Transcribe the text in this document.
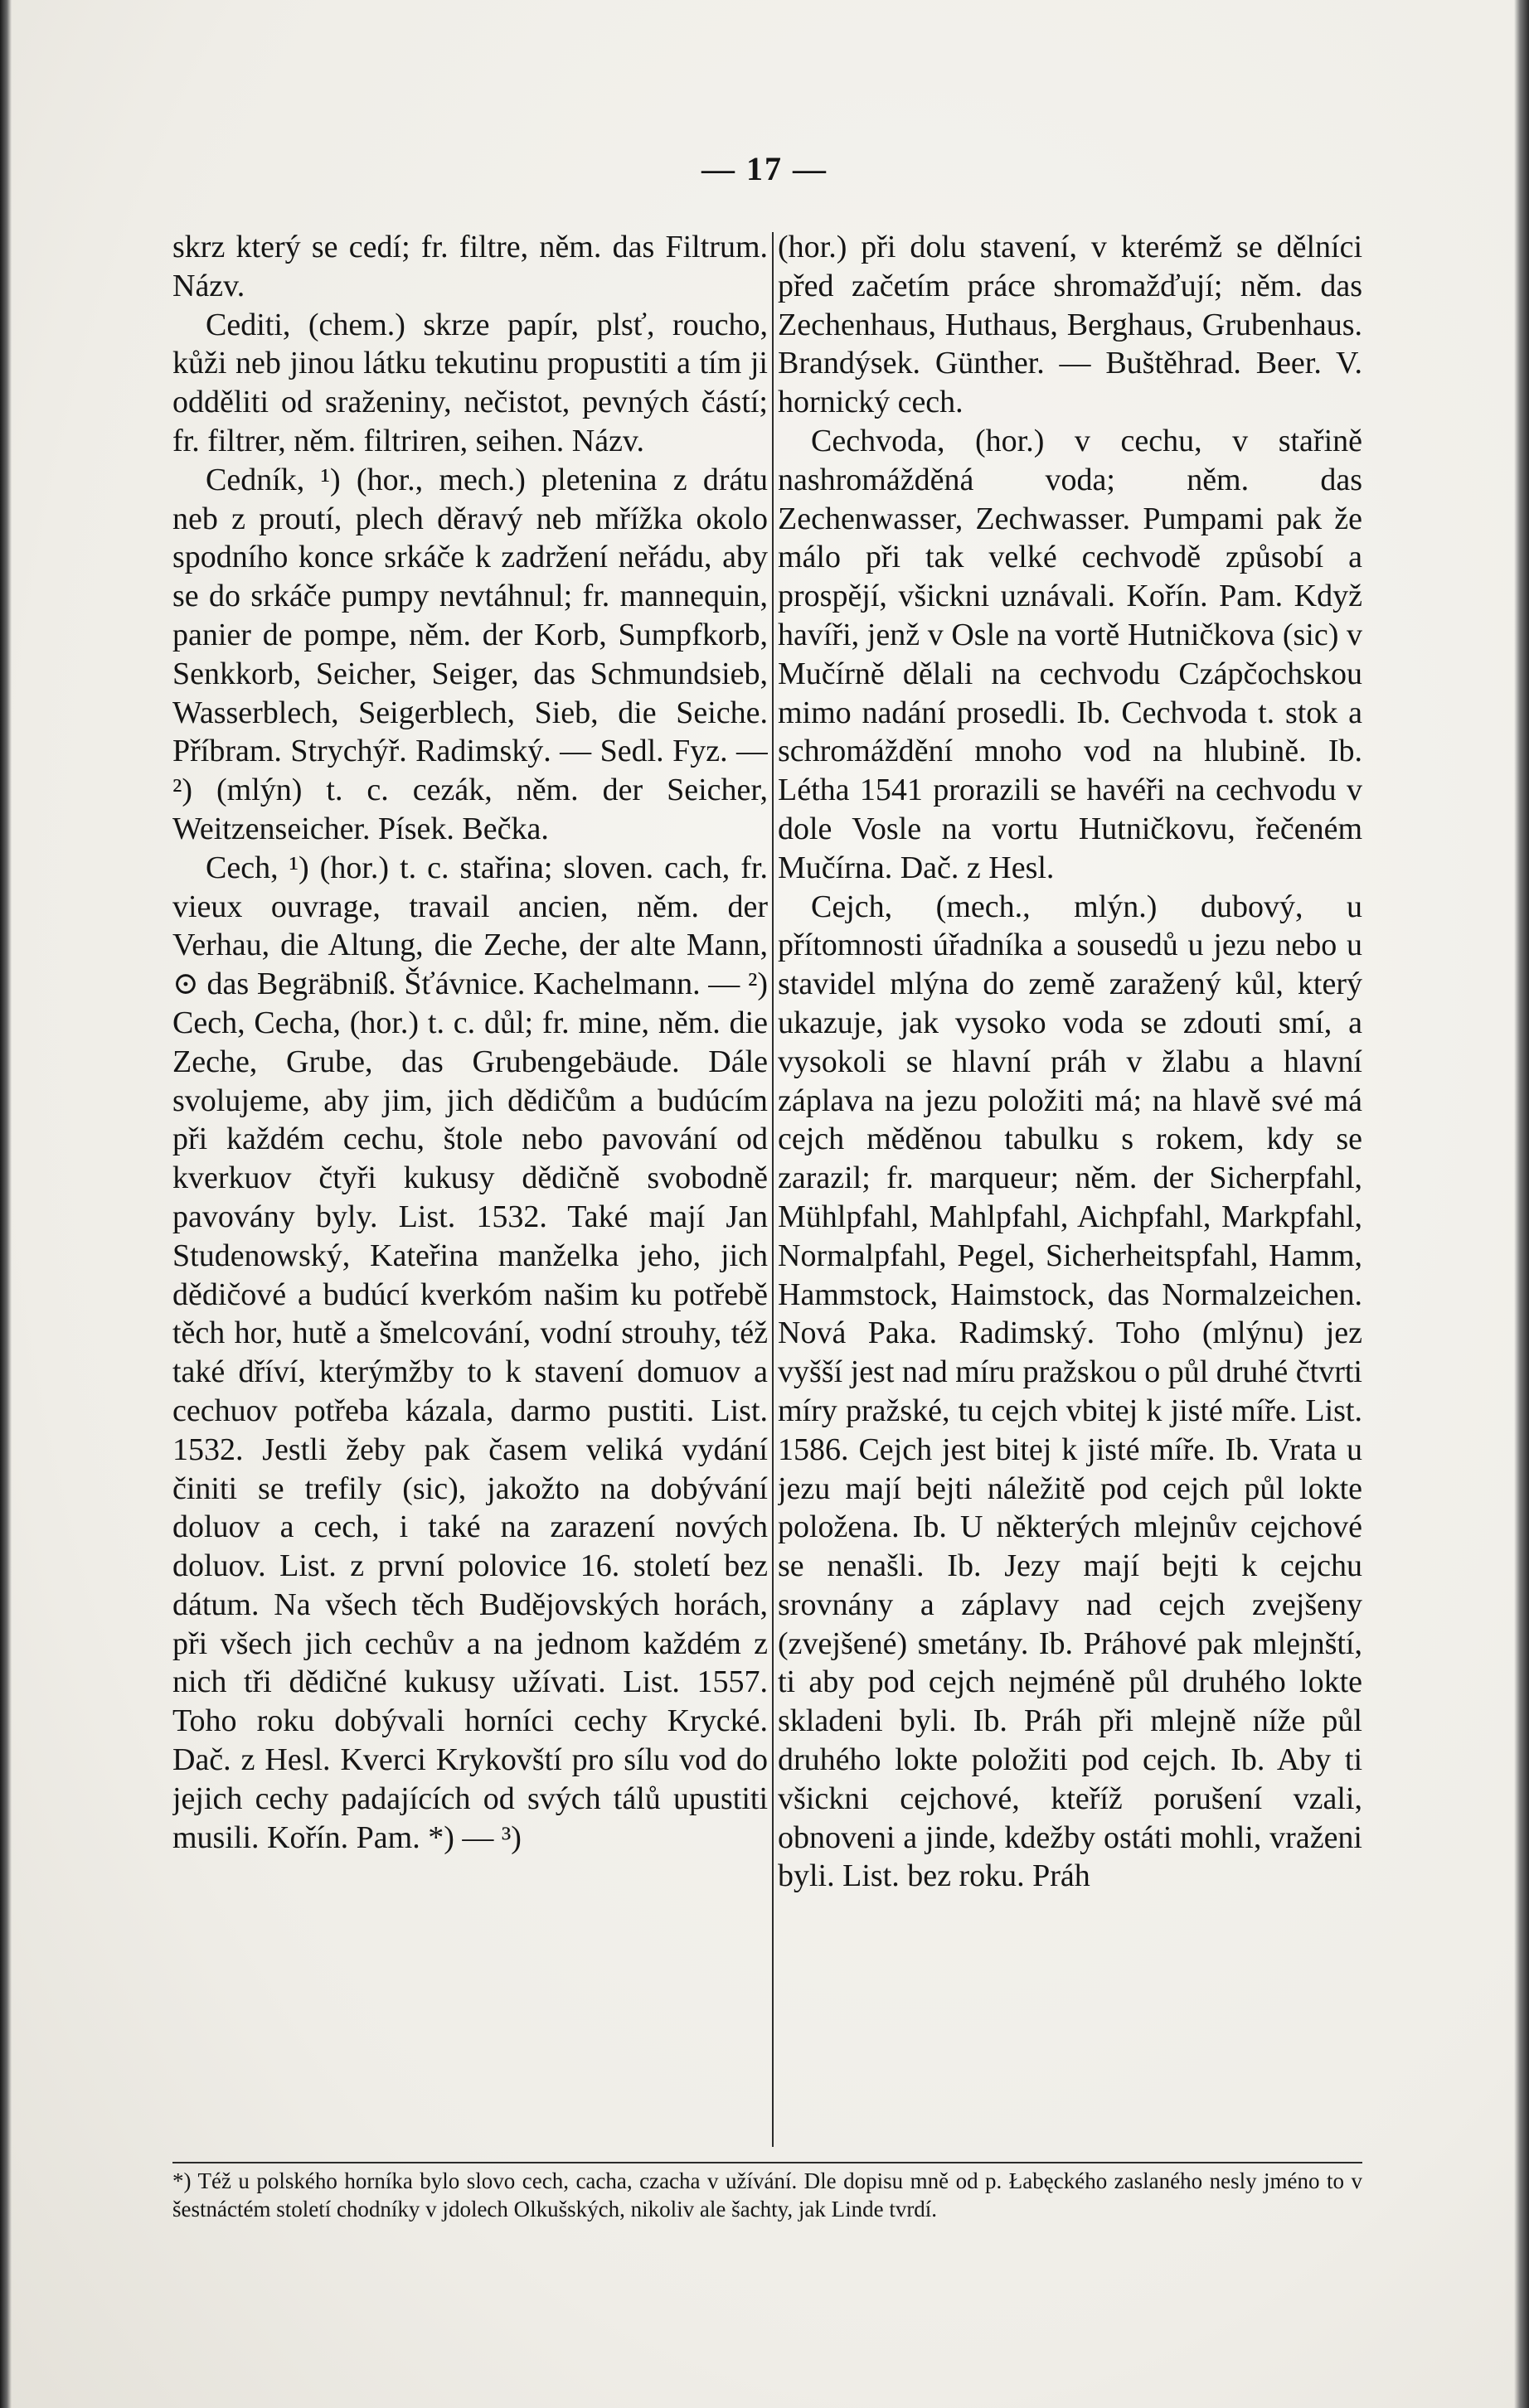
— 17 —

skrz který se cedí; fr. filtre, něm. das Filtrum. Názv.

Cediti, (chem.) skrze papír, plsť, roucho, kůži neb jinou látku tekutinu propustiti a tím ji odděliti od sraženiny, nečistot, pevných částí; fr. filtrer, něm. filtriren, seihen. Názv.

Cedník, ¹) (hor., mech.) pletenina z drátu neb z proutí, plech děravý neb mřížka okolo spodního konce srkáče k zadržení neřádu, aby se do srkáče pumpy nevtáhnul; fr. mannequin, panier de pompe, něm. der Korb, Sumpfkorb, Senkkorb, Seicher, Seiger, das Schmundsieb, Wasserblech, Seigerblech, Sieb, die Seiche. Příbram. Strychýř. Radimský. — Sedl. Fyz. — ²) (mlýn) t. c. cezák, něm. der Seicher, Weitzenseicher. Písek. Bečka.

Cech, ¹) (hor.) t. c. stařina; sloven. cach, fr. vieux ouvrage, travail ancien, něm. der Verhau, die Altung, die Zeche, der alte Mann, ⊙ das Begräbniß. Šťávnice. Kachelmann. — ²) Cech, Cecha, (hor.) t. c. důl; fr. mine, něm. die Zeche, Grube, das Grubengebäude. Dále svolujeme, aby jim, jich dědičům a budúcím při každém cechu, štole nebo pavování od kverkuov čtyři kukusy dědičně svobodně pavovány byly. List. 1532. Také mají Jan Studenowský, Kateřina manželka jeho, jich dědičové a budúcí kverkóm našim ku potřebě těch hor, hutě a šmelcování, vodní strouhy, též také dříví, kterýmžby to k stavení domuov a cechuov potřeba kázala, darmo pustiti. List. 1532. Jestli žeby pak časem veliká vydání činiti se trefily (sic), jakožto na dobývání doluov a cech, i také na zarazení nových doluov. List. z první polovice 16. století bez dátum. Na všech těch Budějovských horách, při všech jich cechův a na jednom každém z nich tři dědičné kukusy užívati. List. 1557. Toho roku dobývali horníci cechy Krycké. Dač. z Hesl. Kverci Krykovští pro sílu vod do jejich cechy padajících od svých tálů upustiti musili. Kořín. Pam. *) — ³)

(hor.) při dolu stavení, v kterémž se dělníci před začetím práce shromažďují; něm. das Zechenhaus, Huthaus, Berghaus, Grubenhaus. Brandýsek. Günther. — Buštěhrad. Beer. V. hornický cech.

Cechvoda, (hor.) v cechu, v stařině nashromážděná voda; něm. das Zechenwasser, Zechwasser. Pumpami pak že málo při tak velké cechvodě způsobí a prospějí, všickni uznávali. Kořín. Pam. Když havíři, jenž v Osle na vortě Hutničkova (sic) v Mučírně dělali na cechvodu Czápčochskou mimo nadání prosedli. Ib. Cechvoda t. stok a schromáždění mnoho vod na hlubině. Ib. Létha 1541 prorazili se havéři na cechvodu v dole Vosle na vortu Hutničkovu, řečeném Mučírna. Dač. z Hesl.

Cejch, (mech., mlýn.) dubový, u přítomnosti úřadníka a sousedů u jezu nebo u stavidel mlýna do země zaražený kůl, který ukazuje, jak vysoko voda se zdouti smí, a vysokoli se hlavní práh v žlabu a hlavní záplava na jezu položiti má; na hlavě své má cejch měděnou tabulku s rokem, kdy se zarazil; fr. marqueur; něm. der Sicherpfahl, Mühlpfahl, Mahlpfahl, Aichpfahl, Markpfahl, Normalpfahl, Pegel, Sicherheitspfahl, Hamm, Hammstock, Haimstock, das Normalzeichen. Nová Paka. Radimský. Toho (mlýnu) jez vyšší jest nad míru pražskou o půl druhé čtvrti míry pražské, tu cejch vbitej k jisté míře. List. 1586. Cejch jest bitej k jisté míře. Ib. Vrata u jezu mají bejti náležitě pod cejch půl lokte položena. Ib. U některých mlejnův cejchové se nenašli. Ib. Jezy mají bejti k cejchu srovnány a záplavy nad cejch zvejšeny (zvejšené) smetány. Ib. Práhové pak mlejnští, ti aby pod cejch nejméně půl druhého lokte skladeni byli. Ib. Práh při mlejně níže půl druhého lokte položiti pod cejch. Ib. Aby ti všickni cejchové, kteříž porušení vzali, obnoveni a jinde, kdežby ostáti mohli, vraženi byli. List. bez roku. Práh

*) Též u polského horníka bylo slovo cech, cacha, czacha v užívání. Dle dopisu mně od p. Łabęckého zaslaného nesly jméno to v šestnáctém století chodníky v jdolech Olkušských, nikoliv ale šachty, jak Linde tvrdí.
